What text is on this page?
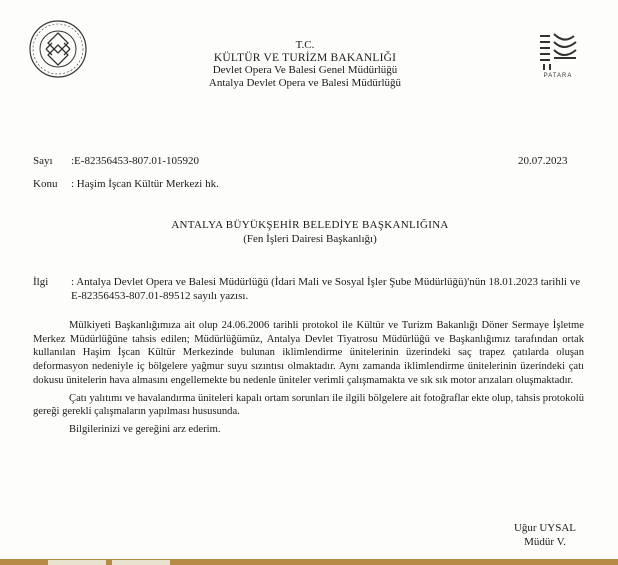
PATARA
T.C.
KÜLTÜR VE TURİZM BAKANLIĞI
Devlet Opera Ve Balesi Genel Müdürlüğü
Antalya Devlet Opera ve Balesi Müdürlüğü
Sayı :E-82356453-807.01-105920	20.07.2023
Konu : Haşim İşcan Kültür Merkezi hk.
ANTALYA BÜYÜKŞEHİR BELEDİYE BAŞKANLIĞINA
(Fen İşleri Dairesi Başkanlığı)
İlgi : Antalya Devlet Opera ve Balesi Müdürlüğü (İdari Mali ve Sosyal İşler Şube Müdürlüğü)'nün 18.01.2023 tarihli ve E-82356453-807.01-89512 sayılı yazısı.

Mülkiyeti Başkanlığımıza ait olup 24.06.2006 tarihli protokol ile Kültür ve Turizm Bakanlığı Döner Sermaye İşletme Merkez Müdürlüğüne tahsis edilen; Müdürlüğümüz, Antalya Devlet Tiyatrosu Müdürlüğü ve Başkanlığımız tarafından ortak kullanılan Haşim İşcan Kültür Merkezinde bulunan iklimlendirme ünitelerinin üzerindeki saç trapez çatılarda oluşan deformasyon nedeniyle iç bölgelere yağmur suyu sızıntısı olmaktadır. Aynı zamanda iklimlendirme ünitelerinin üzerindeki çatı dokusu ünitelerin hava almasını engellemekte bu nedenle üniteler verimli çalışmamakta ve sık sık motor arızaları oluşmaktadır.

Çatı yalıtımı ve havalandırma üniteleri kapalı ortam sorunları ile ilgili bölgelere ait fotoğraflar ekte olup, tahsis protokolü gereği gerekli çalışmaların yapılması hususunda.

Bilgilerinizi ve gereğini arz ederim.

Uğur UYSAL
Müdür V.
